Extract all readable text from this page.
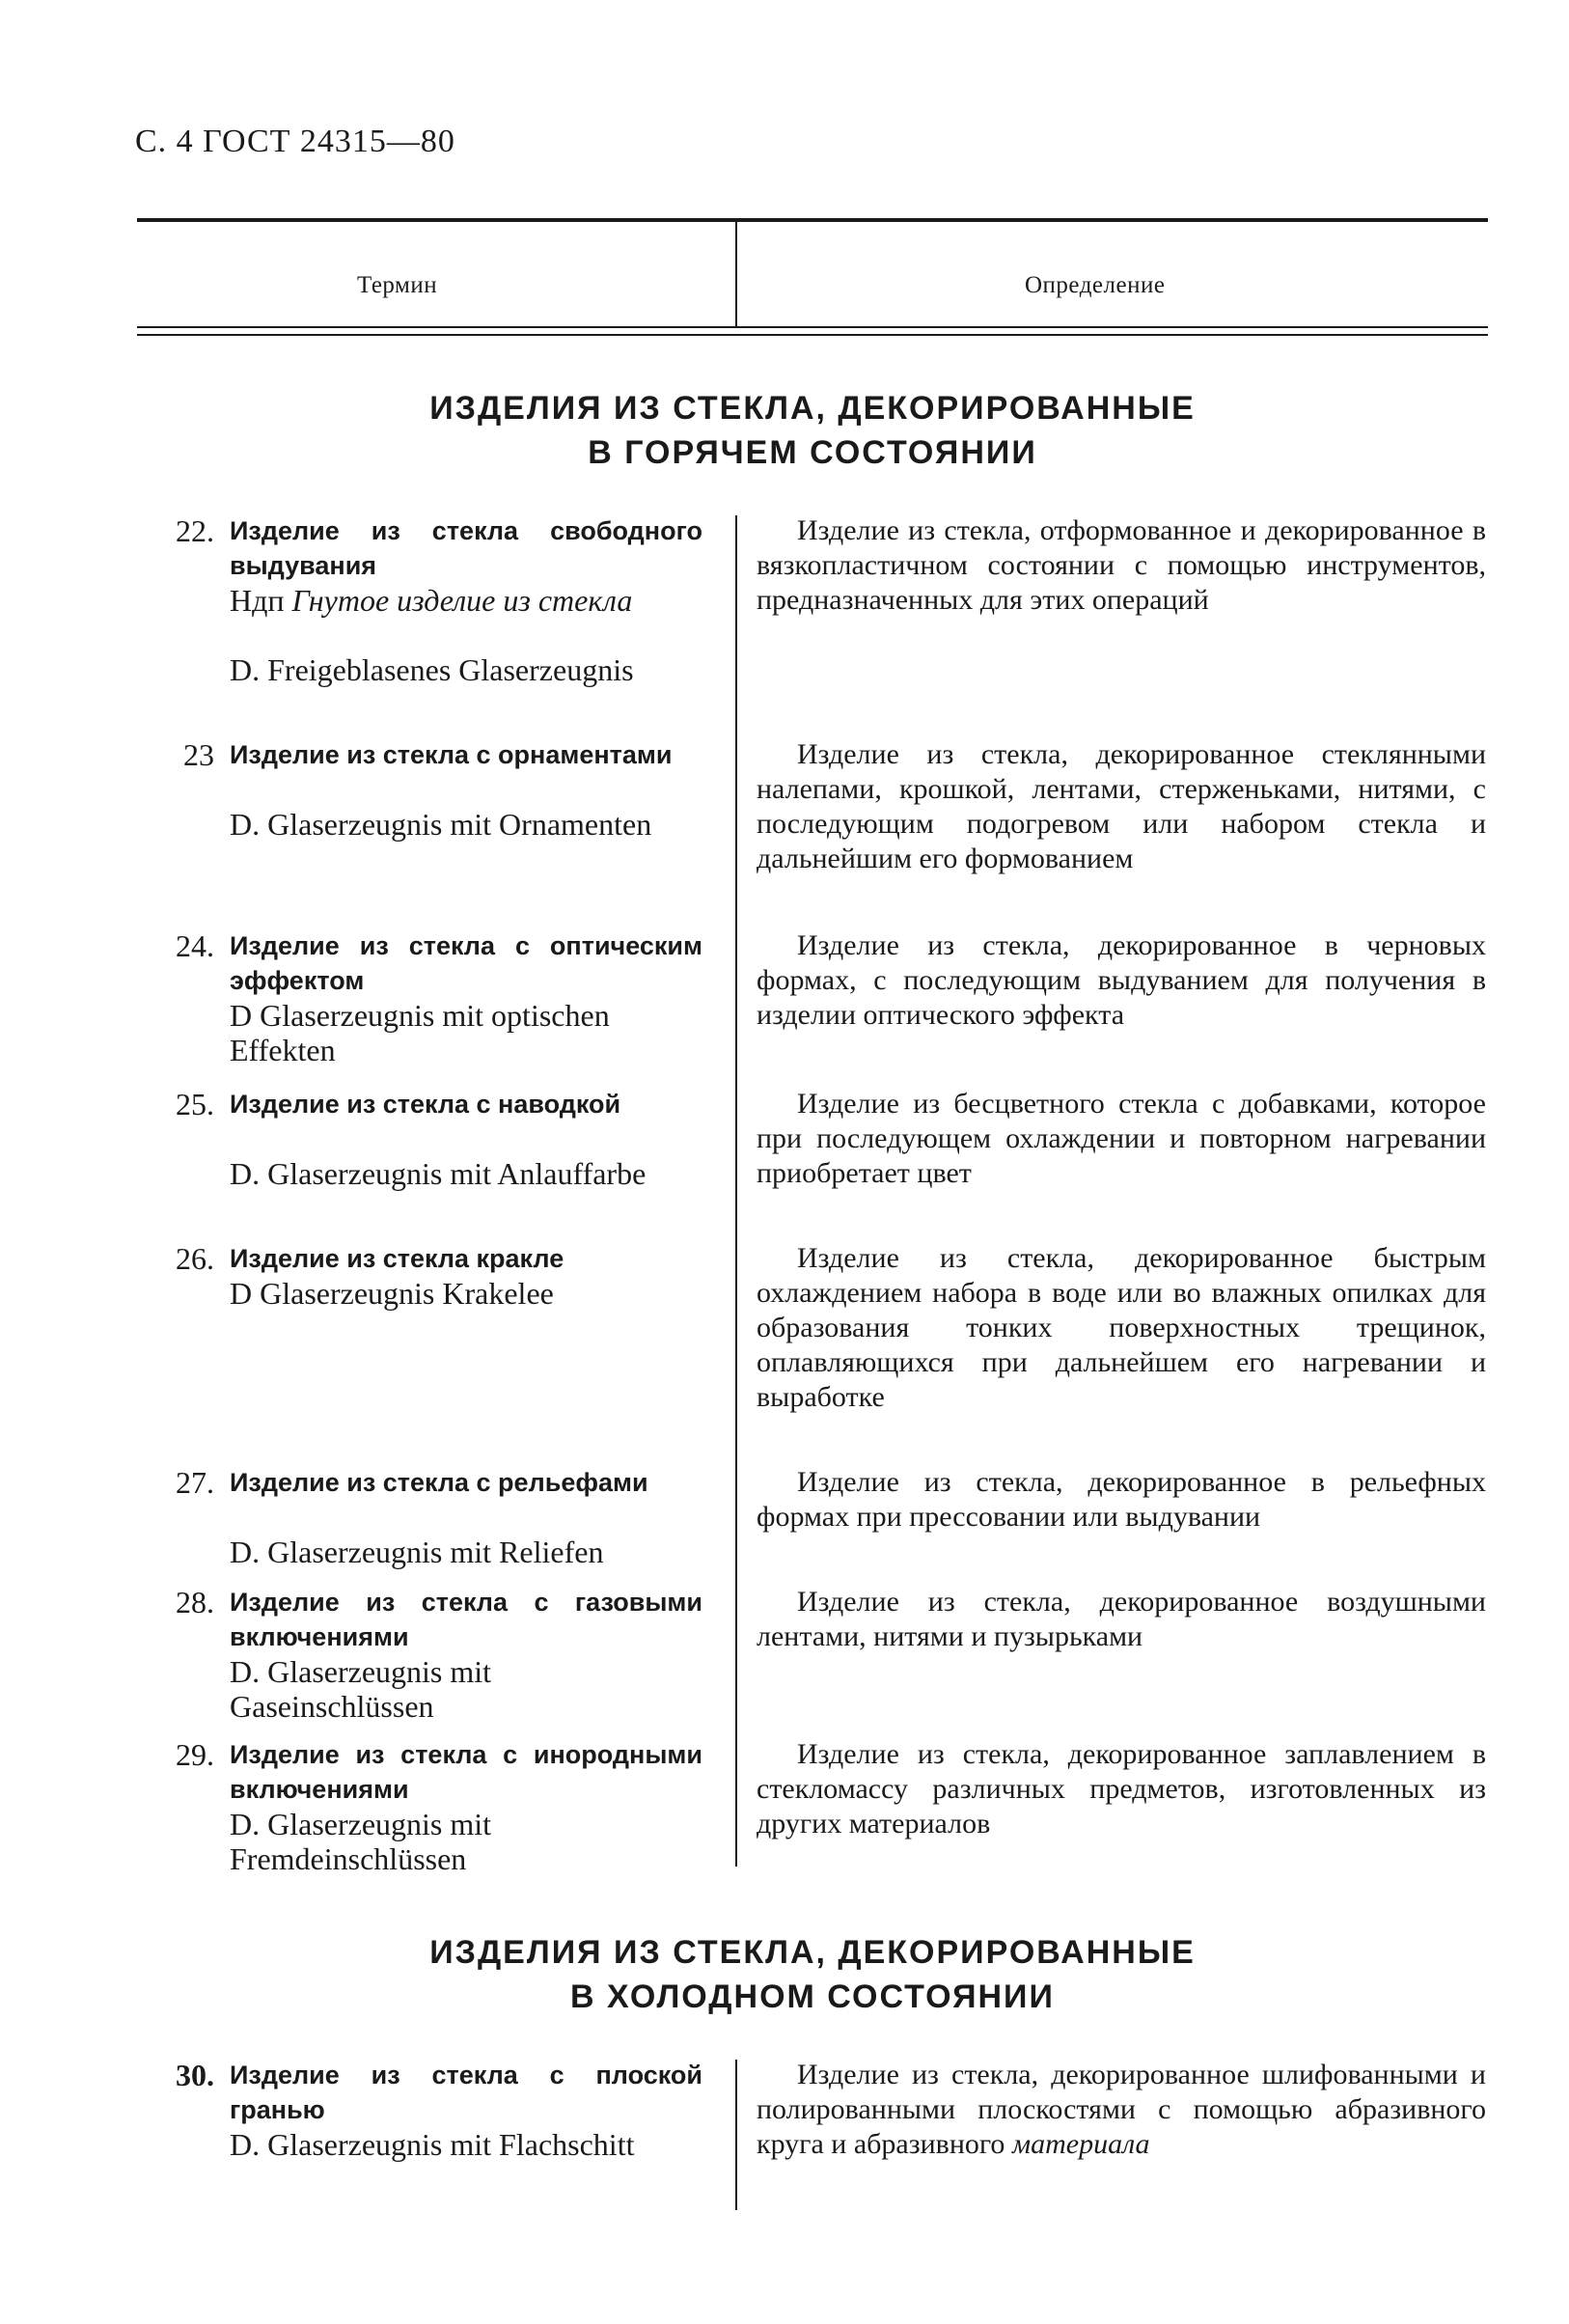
С. 4 ГОСТ 24315—80
Термин	Определение
ИЗДЕЛИЯ ИЗ СТЕКЛА, ДЕКОРИРОВАННЫЕ
В ГОРЯЧЕМ СОСТОЯНИИ
22. Изделие из стекла свободного выдувания
Ндп Гнутое изделие из стекла
D. Freigeblasenes Glaserzeugnis
Изделие из стекла, отформованное и декорированное в вязкопластичном состоянии с помощью инструментов, предназначенных для этих операций
23 Изделие из стекла с орнаментами
D. Glaserzeugnis mit Ornamenten
Изделие из стекла, декорированное стеклянными налепами, крошкой, лентами, стерженьками, нитями, с последующим подогревом или набором стекла и дальнейшим его формованием
24. Изделие из стекла с оптическим эффектом
D Glaserzeugnis mit optischen Effekten
Изделие из стекла, декорированное в черновых формах, с последующим выдуванием для получения в изделии оптического эффекта
25. Изделие из стекла с наводкой
D. Glaserzeugnis mit Anlauffarbe
Изделие из бесцветного стекла с добавками, которое при последующем охлаждении и повторном нагревании приобретает цвет
26. Изделие из стекла кракле
D Glaserzeugnis Krakelee
Изделие из стекла, декорированное быстрым охлаждением набора в воде или во влажных опилках для образования тонких поверхностных трещинок, оплавляющихся при дальнейшем его нагревании и выработке
27. Изделие из стекла с рельефами
D. Glaserzeugnis mit Reliefen
Изделие из стекла, декорированное в рельефных формах при прессовании или выдувании
28. Изделие из стекла с газовыми включениями
D. Glaserzeugnis mit Gaseinschlüssen
Изделие из стекла, декорированное воздушными лентами, нитями и пузырьками
29. Изделие из стекла с инородными включениями
D. Glaserzeugnis mit Fremdeinschlüssen
Изделие из стекла, декорированное заплавлением в стекломассу различных предметов, изготовленных из других материалов
ИЗДЕЛИЯ ИЗ СТЕКЛА, ДЕКОРИРОВАННЫЕ
В ХОЛОДНОМ СОСТОЯНИИ
30. Изделие из стекла с плоской гранью
D. Glaserzeugnis mit Flachschitt
Изделие из стекла, декорированное шлифованными и полированными плоскостями с помощью абразивного круга и абразивного материала
